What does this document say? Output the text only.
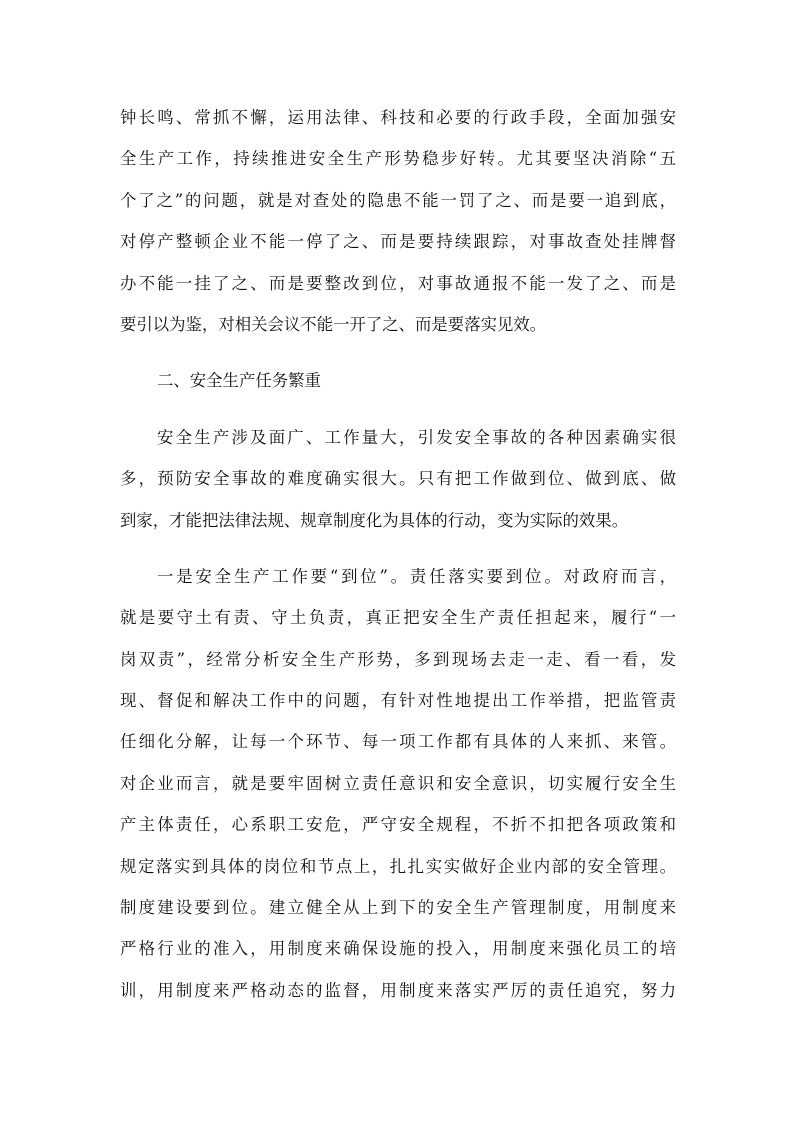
钟长鸣、常抓不懈，运用法律、科技和必要的行政手段，全面加强安
全生产工作，持续推进安全生产形势稳步好转。尤其要坚决消除“五
个了之”的问题，就是对查处的隐患不能一罚了之、而是要一追到底，
对停产整顿企业不能一停了之、而是要持续跟踪，对事故查处挂牌督
办不能一挂了之、而是要整改到位，对事故通报不能一发了之、而是
要引以为鉴，对相关会议不能一开了之、而是要落实见效。
二、安全生产任务繁重
安全生产涉及面广、工作量大，引发安全事故的各种因素确实很
多，预防安全事故的难度确实很大。只有把工作做到位、做到底、做
到家，才能把法律法规、规章制度化为具体的行动，变为实际的效果。
一是安全生产工作要“到位”。责任落实要到位。对政府而言，
就是要守土有责、守土负责，真正把安全生产责任担起来，履行“一
岗双责”，经常分析安全生产形势，多到现场去走一走、看一看，发
现、督促和解决工作中的问题，有针对性地提出工作举措，把监管责
任细化分解，让每一个环节、每一项工作都有具体的人来抓、来管。
对企业而言，就是要牢固树立责任意识和安全意识，切实履行安全生
产主体责任，心系职工安危，严守安全规程，不折不扣把各项政策和
规定落实到具体的岗位和节点上，扎扎实实做好企业内部的安全管理。
制度建设要到位。建立健全从上到下的安全生产管理制度，用制度来
严格行业的准入，用制度来确保设施的投入，用制度来强化员工的培
训，用制度来严格动态的监督，用制度来落实严厉的责任追究，努力
